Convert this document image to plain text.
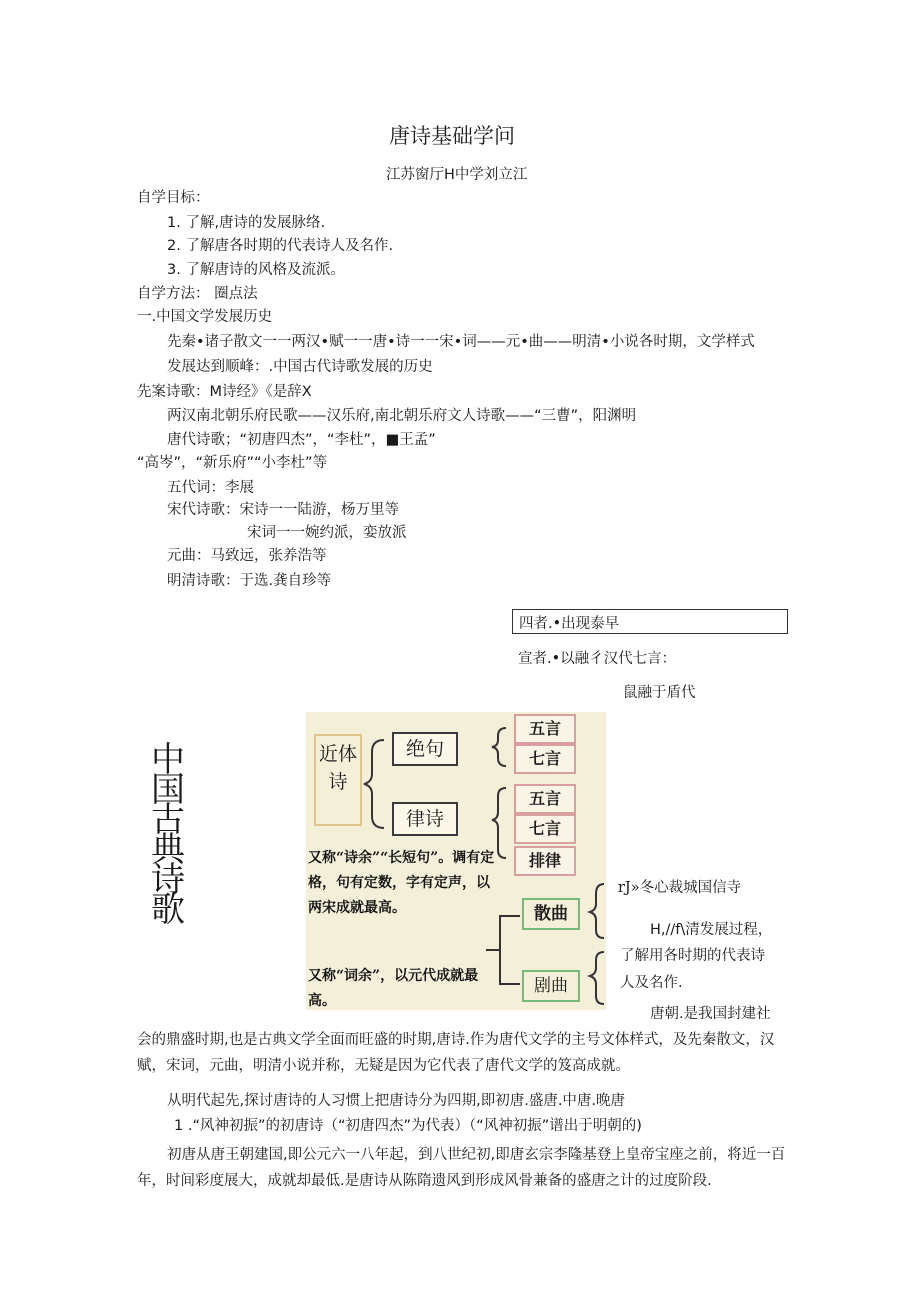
唐诗基础学问
江苏窗厅H中学刘立江
自学目标：
1. 了解,唐诗的发展脉络.
2. 了解唐各时期的代表诗人及名作.
3. 了解唐诗的风格及流派。
自学方法： 圈点法
一.中国文学发展历史
先秦•诸子散文一一两汉•赋一一唐•诗一一宋•词——元•曲——明清•小说各时期，文学样式
发展达到顺峰：.中国古代诗歌发展的历史
先案诗歌：M诗经》《是辞X
两汉南北朝乐府民歌——汉乐府,南北朝乐府文人诗歌——“三曹”，阳渊明
唐代诗歌；“初唐四杰”，“李杜”，■王孟”
“高岑”，“新乐府”“小李杜”等
五代词：李展
宋代诗歌：宋诗一一陆游，杨万里等
宋词一一婉约派，娈放派
元曲：马致远，张养浩等
明清诗歌：于选.龚自珍等
四者.•出现泰早
宣者.•以融彳汉代七言：
鼠融于盾代
中
国
古
典
诗
歌
近体诗
绝句
律诗
五言
七言
五言
七言
排律
又称“诗余”“长短句”。调有定格，句有定数，字有定声，以两宋成就最高。
又称“词余”，以元代成就最高。
散曲
剧曲
rJ»冬心裁城国信寺
H,//f\清发展过程，
了解用各时期的代表诗
人及名作.
唐朝.是我国封建社
会的鼎盛时期,也是古典文学全面而旺盛的时期,唐诗.作为唐代文学的主号文体样式，及先秦散文，汉赋，宋词，元曲，明清小说并称，无疑是因为它代表了唐代文学的笈高成就。
从明代起先,探讨唐诗的人习惯上把唐诗分为四期,即初唐.盛唐.中唐.晚唐
1 .“风神初振”的初唐诗（“初唐四杰”为代表）（“风神初振”谱出于明朝的)
初唐从唐王朝建国,即公元六一八年起，到八世纪初,即唐玄宗李隆基登上皇帝宝座之前，将近一百年，时间彩度展大，成就却最低.是唐诗从陈隋遗风到形成风骨兼备的盛唐之计的过度阶段.
